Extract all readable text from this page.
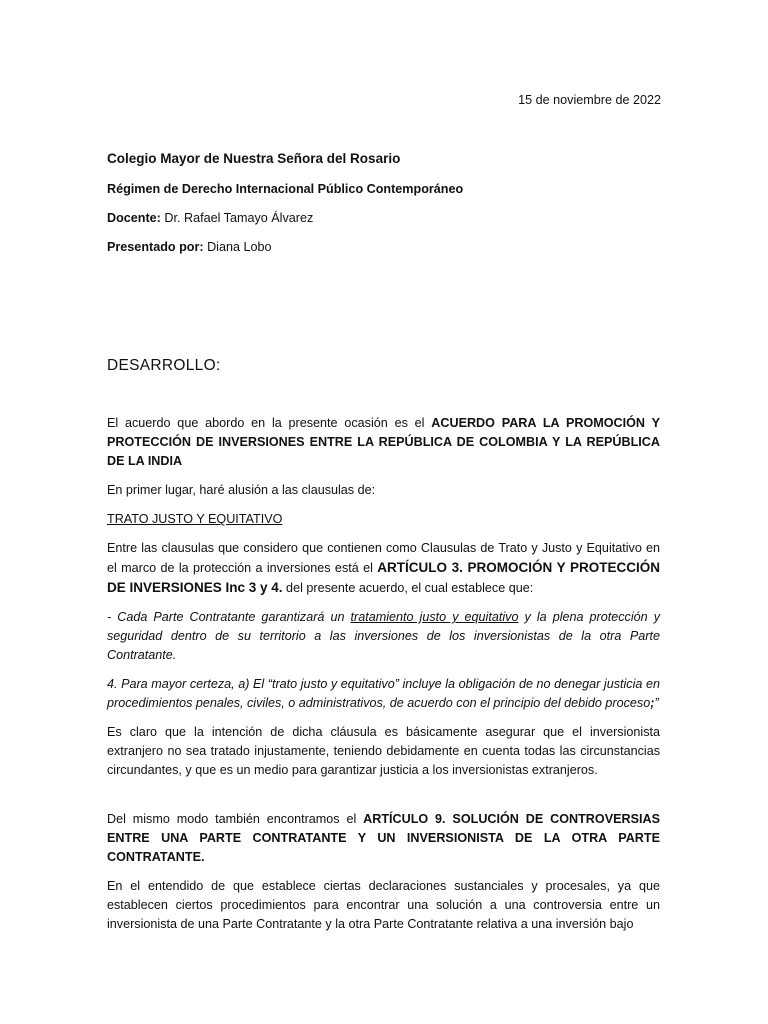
15 de noviembre de 2022
Colegio Mayor de Nuestra Señora del Rosario
Régimen de Derecho Internacional Público Contemporáneo
Docente: Dr. Rafael Tamayo Álvarez
Presentado por: Diana Lobo
DESARROLLO:

El acuerdo que abordo en la presente ocasión es el ACUERDO PARA LA PROMOCIÓN Y PROTECCIÓN DE INVERSIONES ENTRE LA REPÚBLICA DE COLOMBIA Y LA REPÚBLICA DE LA INDIA

En primer lugar, haré alusión a las clausulas de:

TRATO JUSTO Y EQUITATIVO

Entre las clausulas que considero que contienen como Clausulas de Trato y Justo y Equitativo en el marco de la protección a inversiones está el ARTÍCULO 3. PROMOCIÓN Y PROTECCIÓN DE INVERSIONES Inc 3 y 4. del presente acuerdo, el cual establece que:

- Cada Parte Contratante garantizará un tratamiento justo y equitativo y la plena protección y seguridad dentro de su territorio a las inversiones de los inversionistas de la otra Parte Contratante.

4. Para mayor certeza, a) El “trato justo y equitativo” incluye la obligación de no denegar justicia en procedimientos penales, civiles, o administrativos, de acuerdo con el principio del debido proceso;”

Es claro que la intención de dicha cláusula es básicamente asegurar que el inversionista extranjero no sea tratado injustamente, teniendo debidamente en cuenta todas las circunstancias circundantes, y que es un medio para garantizar justicia a los inversionistas extranjeros.

Del mismo modo también encontramos el ARTÍCULO 9. SOLUCIÓN DE CONTROVERSIAS ENTRE UNA PARTE CONTRATANTE Y UN INVERSIONISTA DE LA OTRA PARTE CONTRATANTE.

En el entendido de que establece ciertas declaraciones sustanciales y procesales, ya que establecen ciertos procedimientos para encontrar una solución a una controversia entre un inversionista de una Parte Contratante y la otra Parte Contratante relativa a una inversión bajo
